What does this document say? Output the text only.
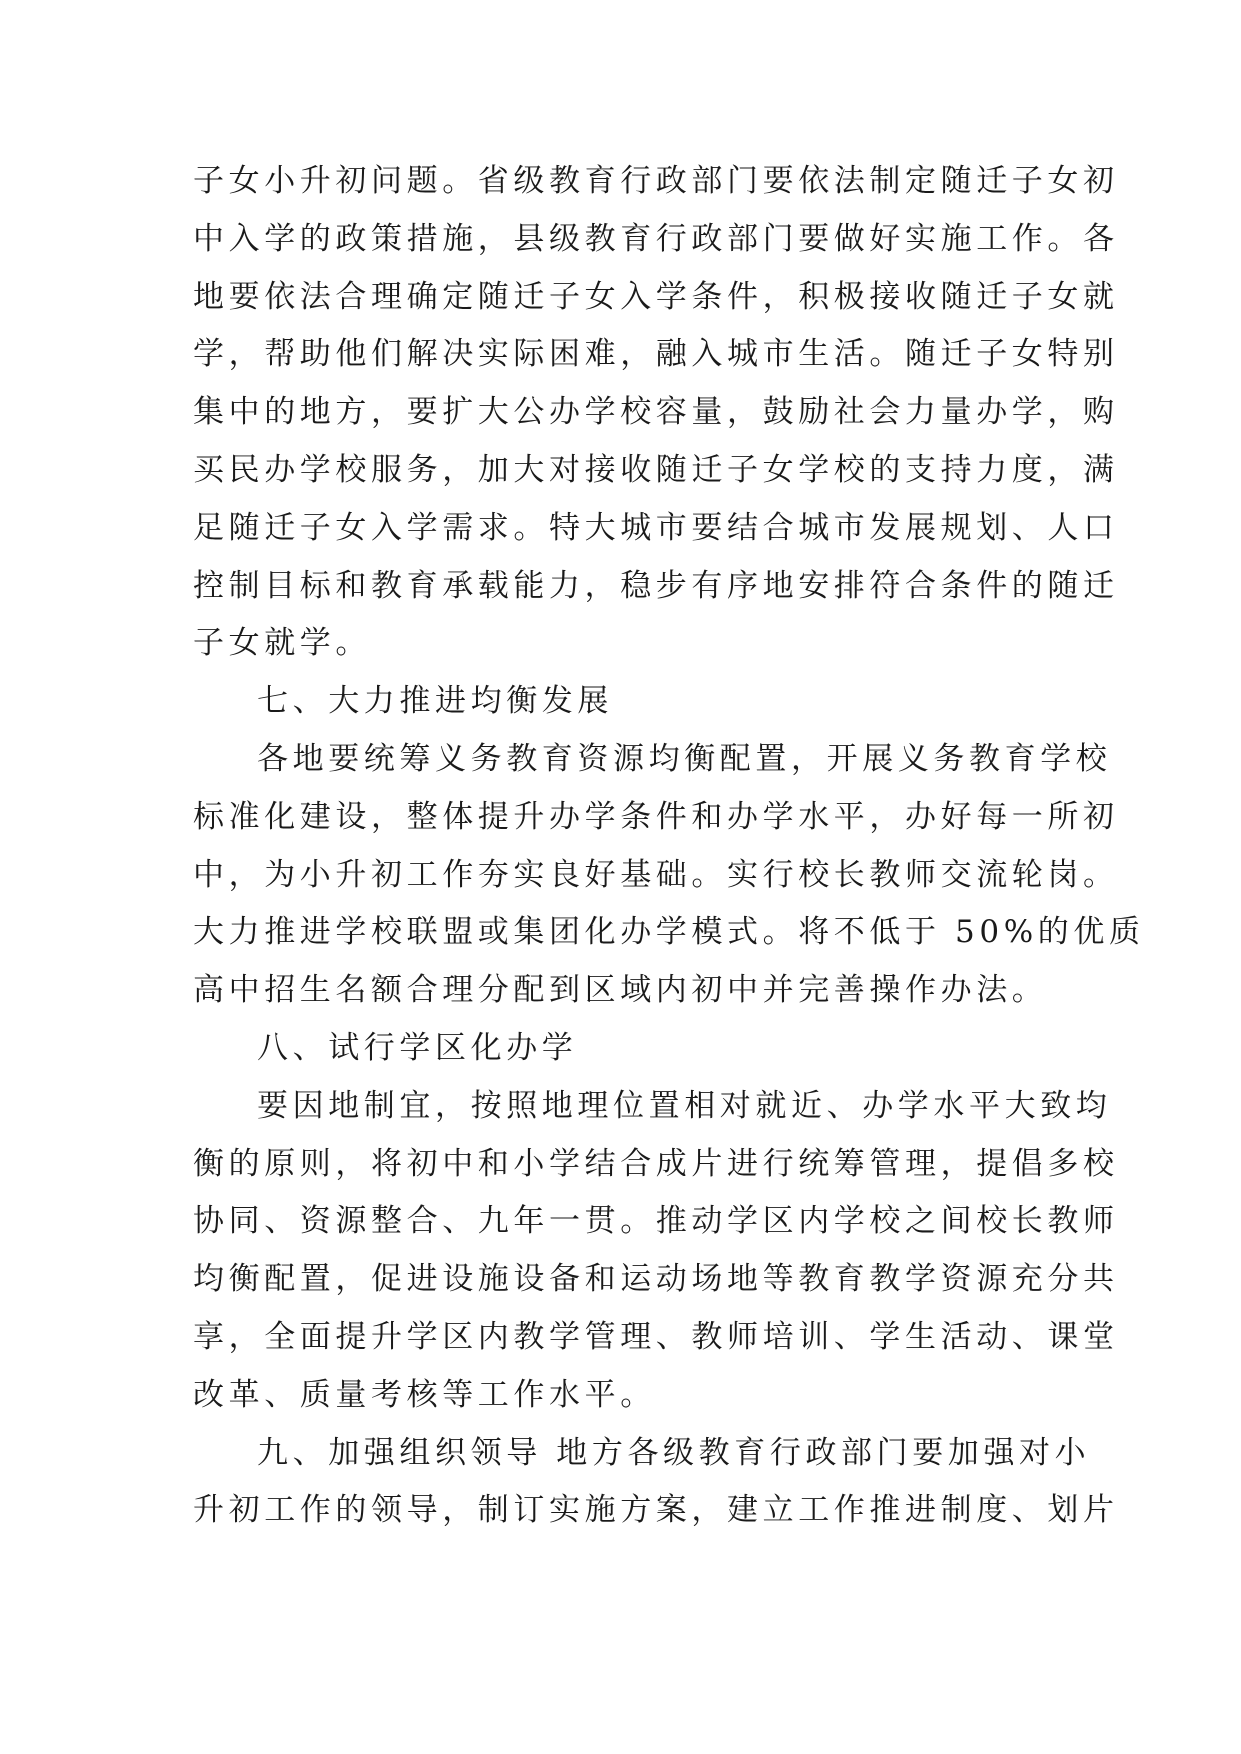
子女小升初问题。省级教育行政部门要依法制定随迁子女初
中入学的政策措施，县级教育行政部门要做好实施工作。各
地要依法合理确定随迁子女入学条件，积极接收随迁子女就
学，帮助他们解决实际困难，融入城市生活。随迁子女特别
集中的地方，要扩大公办学校容量，鼓励社会力量办学，购
买民办学校服务，加大对接收随迁子女学校的支持力度，满
足随迁子女入学需求。特大城市要结合城市发展规划、人口
控制目标和教育承载能力，稳步有序地安排符合条件的随迁
子女就学。
七、大力推进均衡发展
各地要统筹义务教育资源均衡配置，开展义务教育学校
标准化建设，整体提升办学条件和办学水平，办好每一所初
中，为小升初工作夯实良好基础。实行校长教师交流轮岗。
大力推进学校联盟或集团化办学模式。将不低于 50%的优质
高中招生名额合理分配到区域内初中并完善操作办法。
八、试行学区化办学
要因地制宜，按照地理位置相对就近、办学水平大致均
衡的原则，将初中和小学结合成片进行统筹管理，提倡多校
协同、资源整合、九年一贯。推动学区内学校之间校长教师
均衡配置，促进设施设备和运动场地等教育教学资源充分共
享，全面提升学区内教学管理、教师培训、学生活动、课堂
改革、质量考核等工作水平。
九、加强组织领导 地方各级教育行政部门要加强对小
升初工作的领导，制订实施方案，建立工作推进制度、划片
